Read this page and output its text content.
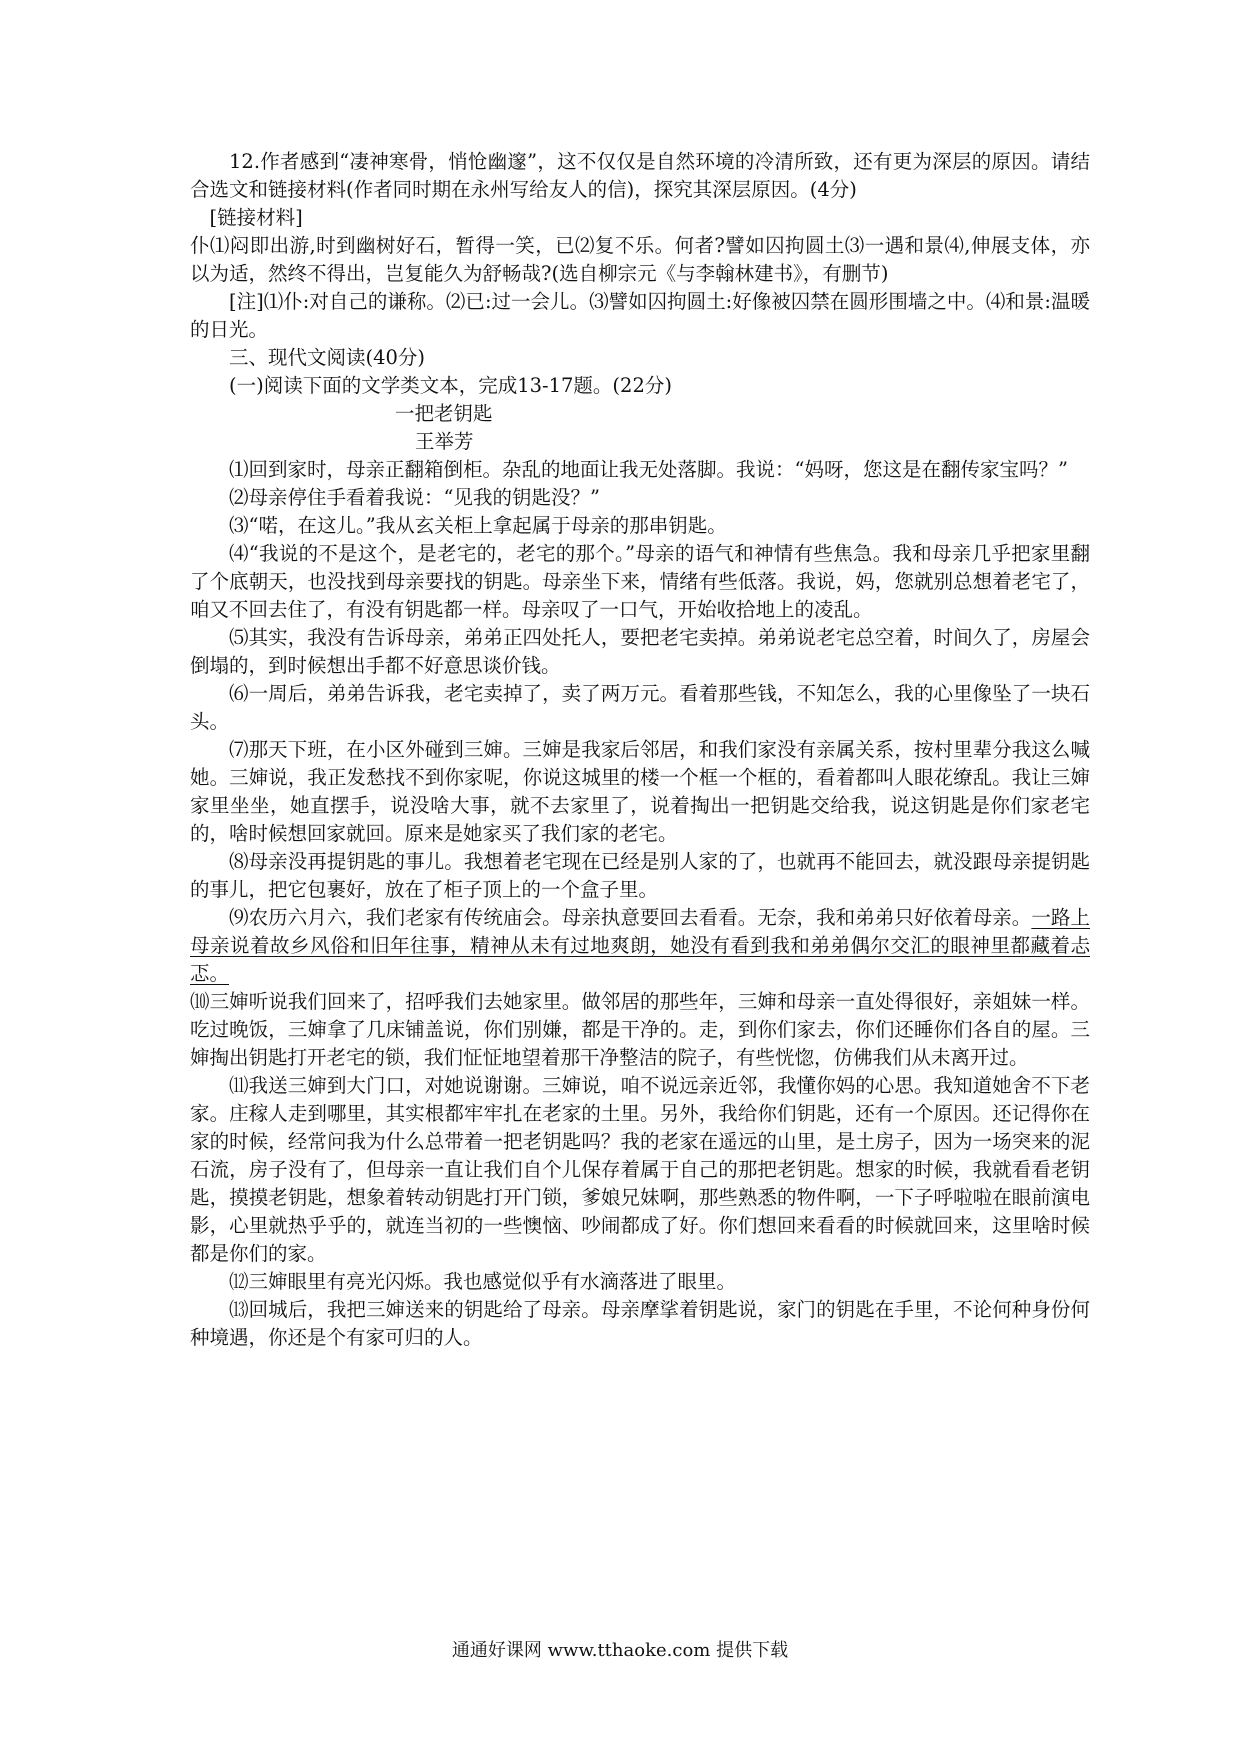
12.作者感到“凄神寒骨，悄怆幽邃”，这不仅仅是自然环境的冷清所致，还有更为深层的原因。请结合选文和链接材料(作者同时期在永州写给友人的信)，探究其深层原因。(4分)

[链接材料]

仆⑴闷即出游,时到幽树好石，暂得一笑，已⑵复不乐。何者?譬如囚拘圆土⑶一遇和景⑷,伸展支体，亦以为适，然终不得出，岂复能久为舒畅哉?(选自柳宗元《与李翰林建书》，有删节)

[注]⑴仆:对自己的谦称。⑵已:过一会儿。⑶譬如囚拘圆土:好像被囚禁在圆形围墙之中。⑷和景:温暖的日光。

三、现代文阅读(40分)

(一)阅读下面的文学类文本，完成13-17题。(22分)

一把老钥匙

王举芳

⑴回到家时，母亲正翻箱倒柜。杂乱的地面让我无处落脚。我说：“妈呀，您这是在翻传家宝吗？”

⑵母亲停住手看着我说：“见我的钥匙没？”

⑶“喏，在这儿。”我从玄关柜上拿起属于母亲的那串钥匙。

⑷“我说的不是这个，是老宅的，老宅的那个。”母亲的语气和神情有些焦急。我和母亲几乎把家里翻了个底朝天，也没找到母亲要找的钥匙。母亲坐下来，情绪有些低落。我说，妈，您就别总想着老宅了，咱又不回去住了，有没有钥匙都一样。母亲叹了一口气，开始收拾地上的凌乱。

⑸其实，我没有告诉母亲，弟弟正四处托人，要把老宅卖掉。弟弟说老宅总空着，时间久了，房屋会倒塌的，到时候想出手都不好意思谈价钱。

⑹一周后，弟弟告诉我，老宅卖掉了，卖了两万元。看着那些钱，不知怎么，我的心里像坠了一块石头。

⑺那天下班，在小区外碰到三婶。三婶是我家后邻居，和我们家没有亲属关系，按村里辈分我这么喊她。三婶说，我正发愁找不到你家呢，你说这城里的楼一个框一个框的，看着都叫人眼花缭乱。我让三婶家里坐坐，她直摆手，说没啥大事，就不去家里了，说着掏出一把钥匙交给我，说这钥匙是你们家老宅的，啥时候想回家就回。原来是她家买了我们家的老宅。

⑻母亲没再提钥匙的事儿。我想着老宅现在已经是别人家的了，也就再不能回去，就没跟母亲提钥匙的事儿，把它包裹好，放在了柜子顶上的一个盒子里。

⑼农历六月六，我们老家有传统庙会。母亲执意要回去看看。无奈，我和弟弟只好依着母亲。一路上母亲说着故乡风俗和旧年往事，精神从未有过地爽朗，她没有看到我和弟弟偶尔交汇的眼神里都藏着忐忑。

⑽三婶听说我们回来了，招呼我们去她家里。做邻居的那些年，三婶和母亲一直处得很好，亲姐妹一样。吃过晚饭，三婶拿了几床铺盖说，你们别嫌，都是干净的。走，到你们家去，你们还睡你们各自的屋。三婶掏出钥匙打开老宅的锁，我们怔怔地望着那干净整洁的院子，有些恍惚，仿佛我们从未离开过。

⑾我送三婶到大门口，对她说谢谢。三婶说，咱不说远亲近邻，我懂你妈的心思。我知道她舍不下老家。庄稼人走到哪里，其实根都牢牢扎在老家的土里。另外，我给你们钥匙，还有一个原因。还记得你在家的时候，经常问我为什么总带着一把老钥匙吗？我的老家在遥远的山里，是土房子，因为一场突来的泥石流，房子没有了，但母亲一直让我们自个儿保存着属于自己的那把老钥匙。想家的时候，我就看看老钥匙，摸摸老钥匙，想象着转动钥匙打开门锁，爹娘兄妹啊，那些熟悉的物件啊，一下子呼啦啦在眼前演电影，心里就热乎乎的，就连当初的一些懊恼、吵闹都成了好。你们想回来看看的时候就回来，这里啥时候都是你们的家。

⑿三婶眼里有亮光闪烁。我也感觉似乎有水滴落进了眼里。

⒀回城后，我把三婶送来的钥匙给了母亲。母亲摩挲着钥匙说，家门的钥匙在手里，不论何种身份何种境遇，你还是个有家可归的人。

通通好课网 www.tthaoke.com 提供下载
